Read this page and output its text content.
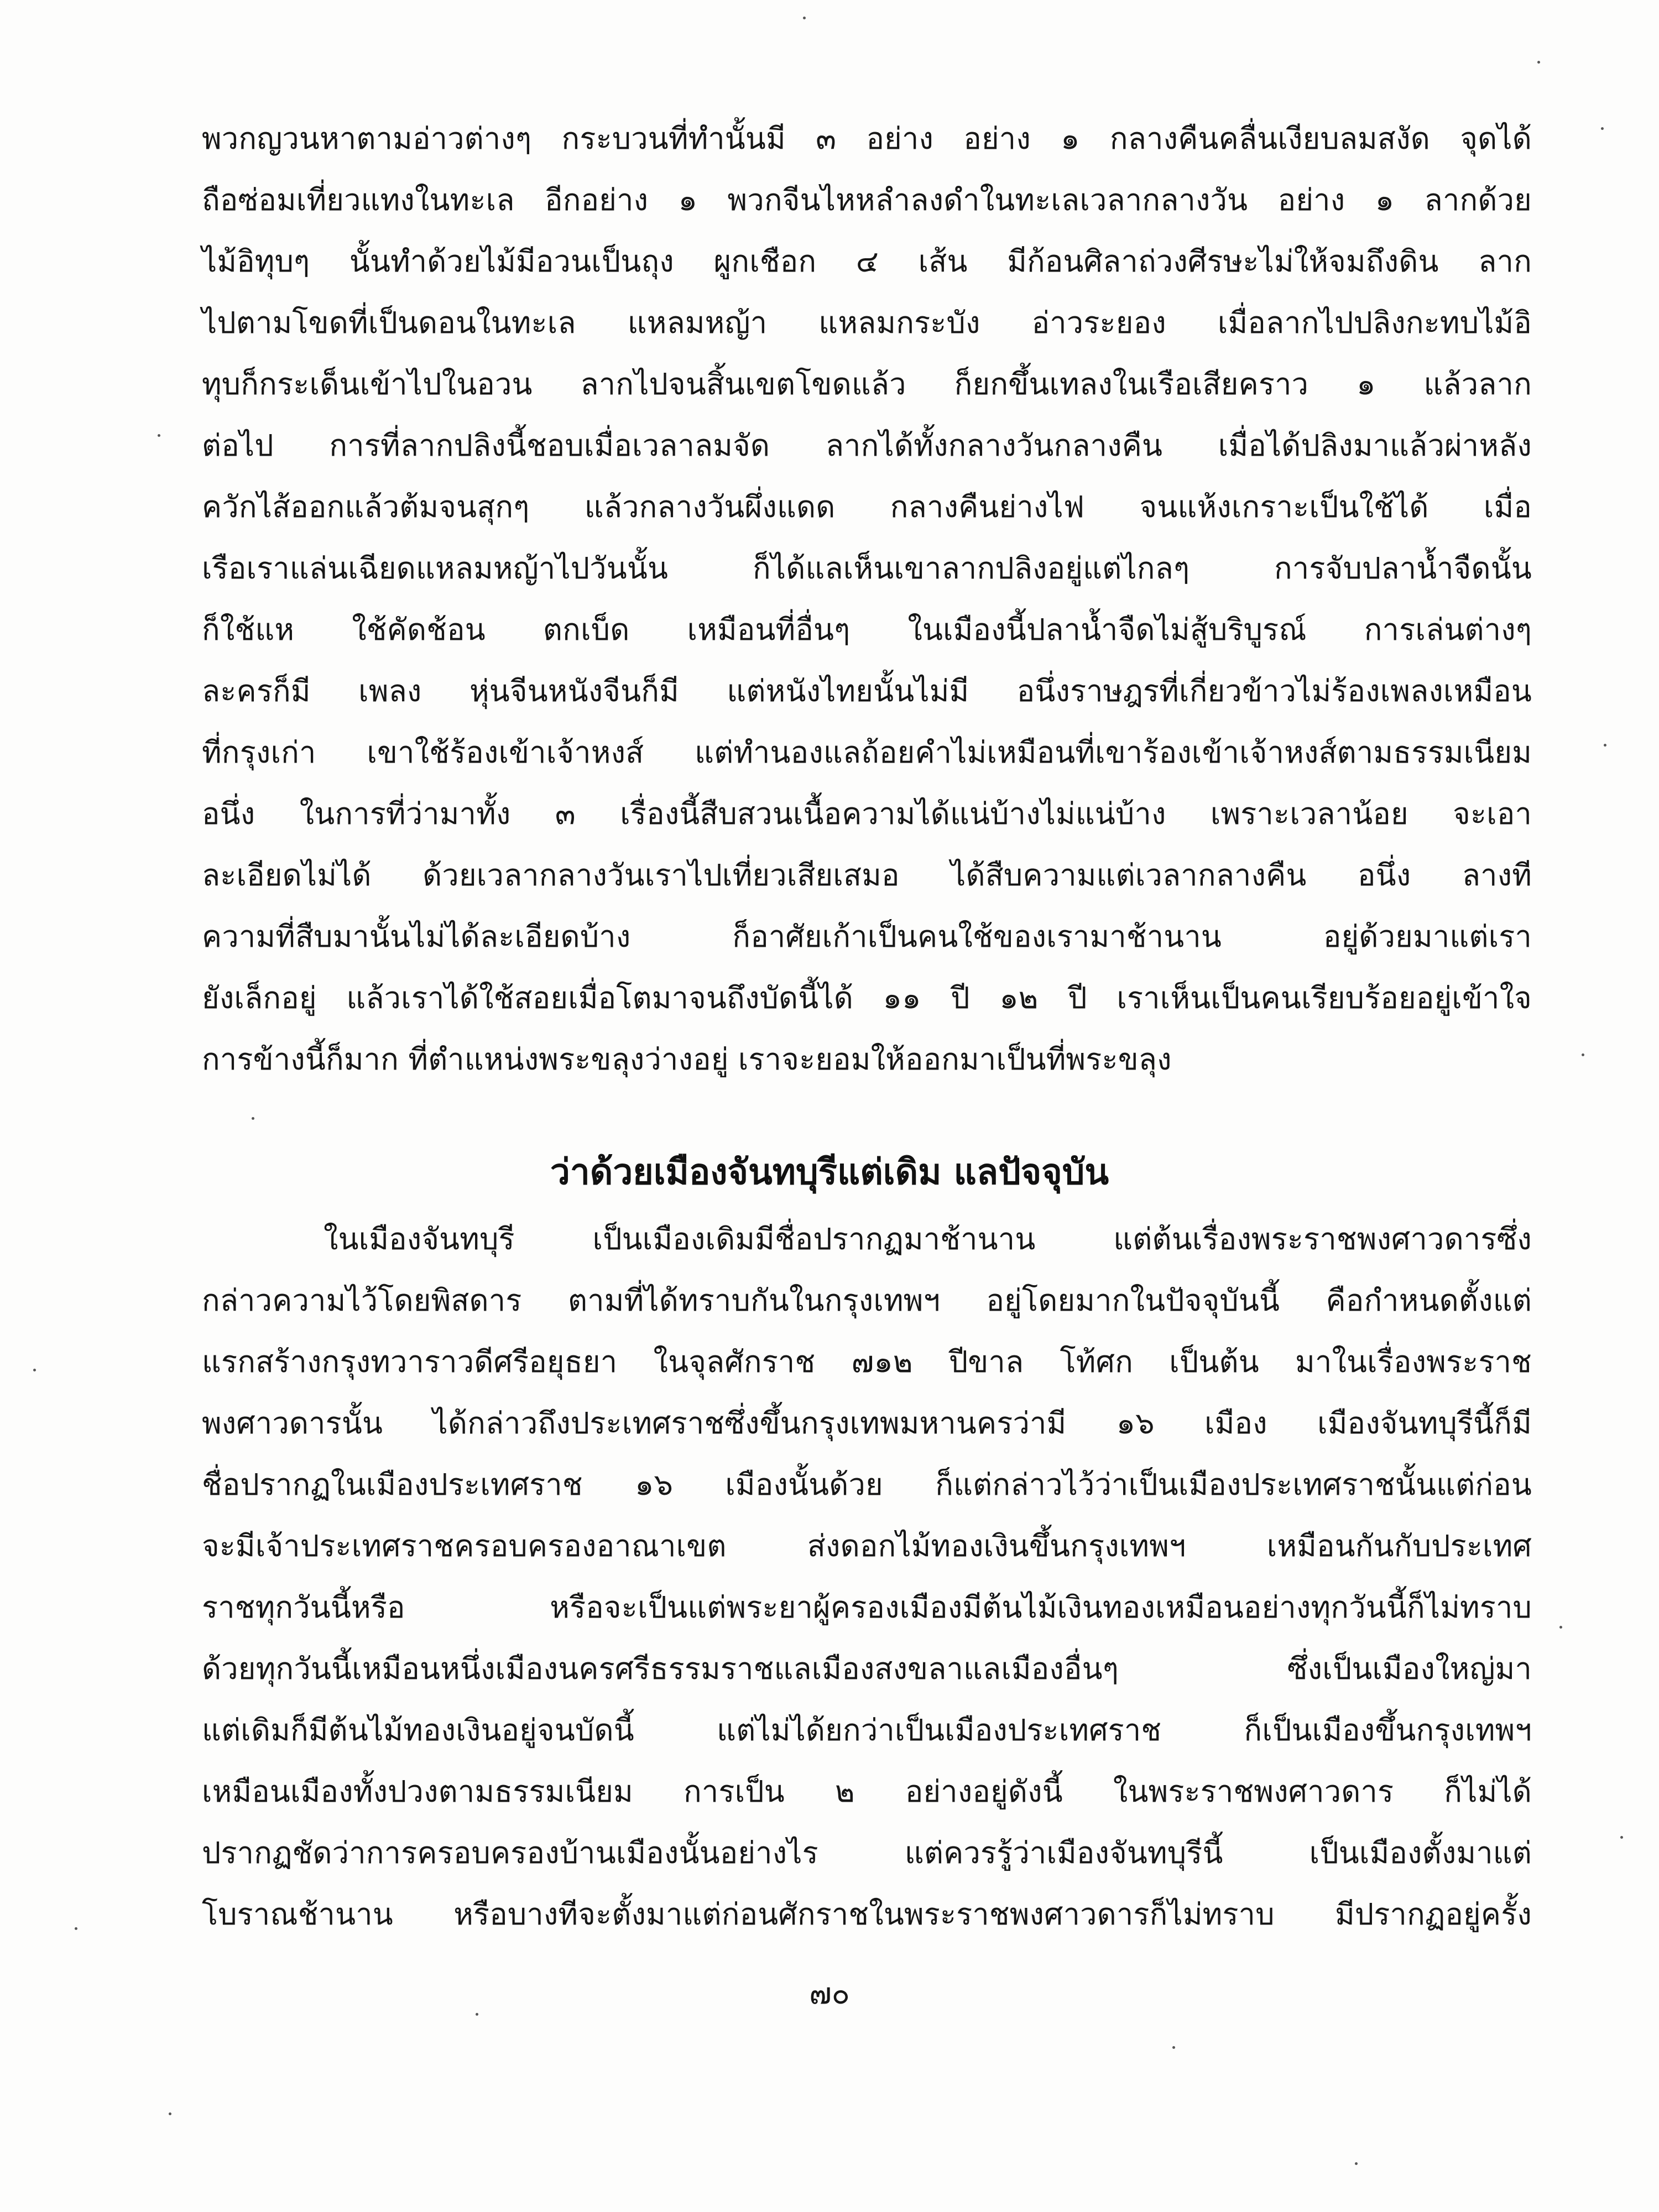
พวกญวนหาตามอ่าวต่างๆ กระบวนที่ทำนั้นมี ๓ อย่าง อย่าง ๑ กลางคืนคลื่นเงียบลมสงัด จุดได้
ถือซ่อมเที่ยวแทงในทะเล อีกอย่าง ๑ พวกจีนไหหลำลงดำในทะเลเวลากลางวัน อย่าง ๑ ลากด้วย
ไม้อิทุบๆ นั้นทำด้วยไม้มีอวนเป็นถุง ผูกเชือก ๔ เส้น มีก้อนศิลาถ่วงศีรษะไม่ให้จมถึงดิน ลาก
ไปตามโขดที่เป็นดอนในทะเล แหลมหญ้า แหลมกระบัง อ่าวระยอง เมื่อลากไปปลิงกะทบไม้อิ
ทุบก็กระเด็นเข้าไปในอวน ลากไปจนสิ้นเขตโขดแล้ว ก็ยกขึ้นเทลงในเรือเสียคราว ๑ แล้วลาก
ต่อไป การที่ลากปลิงนี้ชอบเมื่อเวลาลมจัด ลากได้ทั้งกลางวันกลางคืน เมื่อได้ปลิงมาแล้วผ่าหลัง
ควักไส้ออกแล้วต้มจนสุกๆ แล้วกลางวันผึ่งแดด กลางคืนย่างไฟ จนแห้งเกราะเป็นใช้ได้ เมื่อ
เรือเราแล่นเฉียดแหลมหญ้าไปวันนั้น ก็ได้แลเห็นเขาลากปลิงอยู่แต่ไกลๆ การจับปลาน้ำจืดนั้น
ก็ใช้แห ใช้คัดช้อน ตกเบ็ด เหมือนที่อื่นๆ ในเมืองนี้ปลาน้ำจืดไม่สู้บริบูรณ์ การเล่นต่างๆ
ละครก็มี เพลง หุ่นจีนหนังจีนก็มี แต่หนังไทยนั้นไม่มี อนึ่งราษฎรที่เกี่ยวข้าวไม่ร้องเพลงเหมือน
ที่กรุงเก่า เขาใช้ร้องเข้าเจ้าหงส์ แต่ทำนองแลถ้อยคำไม่เหมือนที่เขาร้องเข้าเจ้าหงส์ตามธรรมเนียม
อนึ่ง ในการที่ว่ามาทั้ง ๓ เรื่องนี้สืบสวนเนื้อความได้แน่บ้างไม่แน่บ้าง เพราะเวลาน้อย จะเอา
ละเอียดไม่ได้ ด้วยเวลากลางวันเราไปเที่ยวเสียเสมอ ได้สืบความแต่เวลากลางคืน อนึ่ง ลางที
ความที่สืบมานั้นไม่ได้ละเอียดบ้าง ก็อาศัยเก้าเป็นคนใช้ของเรามาช้านาน อยู่ด้วยมาแต่เรา
ยังเล็กอยู่ แล้วเราได้ใช้สอยเมื่อโตมาจนถึงบัดนี้ได้ ๑๑ ปี ๑๒ ปี เราเห็นเป็นคนเรียบร้อยอยู่เข้าใจ
การข้างนี้ก็มาก ที่ตำแหน่งพระขลุงว่างอยู่ เราจะยอมให้ออกมาเป็นที่พระขลุง
ว่าด้วยเมืองจันทบุรีแต่เดิม แลปัจจุบัน
ในเมืองจันทบุรี เป็นเมืองเดิมมีชื่อปรากฏมาช้านาน แต่ต้นเรื่องพระราชพงศาวดารซึ่ง
กล่าวความไว้โดยพิสดาร ตามที่ได้ทราบกันในกรุงเทพฯ อยู่โดยมากในปัจจุบันนี้ คือกำหนดตั้งแต่
แรกสร้างกรุงทวาราวดีศรีอยุธยา ในจุลศักราช ๗๑๒ ปีขาล โท้ศก เป็นต้น มาในเรื่องพระราช
พงศาวดารนั้น ได้กล่าวถึงประเทศราชซึ่งขึ้นกรุงเทพมหานครว่ามี ๑๖ เมือง เมืองจันทบุรีนี้ก็มี
ชื่อปรากฏในเมืองประเทศราช ๑๖ เมืองนั้นด้วย ก็แต่กล่าวไว้ว่าเป็นเมืองประเทศราชนั้นแต่ก่อน
จะมีเจ้าประเทศราชครอบครองอาณาเขต ส่งดอกไม้ทองเงินขึ้นกรุงเทพฯ เหมือนกันกับประเทศ
ราชทุกวันนี้หรือ หรือจะเป็นแต่พระยาผู้ครองเมืองมีต้นไม้เงินทองเหมือนอย่างทุกวันนี้ก็ไม่ทราบ
ด้วยทุกวันนี้เหมือนหนึ่งเมืองนครศรีธรรมราชแลเมืองสงขลาแลเมืองอื่นๆ ซึ่งเป็นเมืองใหญ่มา
แต่เดิมก็มีต้นไม้ทองเงินอยู่จนบัดนี้ แต่ไม่ได้ยกว่าเป็นเมืองประเทศราช ก็เป็นเมืองขึ้นกรุงเทพฯ
เหมือนเมืองทั้งปวงตามธรรมเนียม การเป็น ๒ อย่างอยู่ดังนี้ ในพระราชพงศาวดาร ก็ไม่ได้
ปรากฏชัดว่าการครอบครองบ้านเมืองนั้นอย่างไร แต่ควรรู้ว่าเมืองจันทบุรีนี้ เป็นเมืองตั้งมาแต่
โบราณช้านาน หรือบางทีจะตั้งมาแต่ก่อนศักราชในพระราชพงศาวดารก็ไม่ทราบ มีปรากฏอยู่ครั้ง
๗๐
